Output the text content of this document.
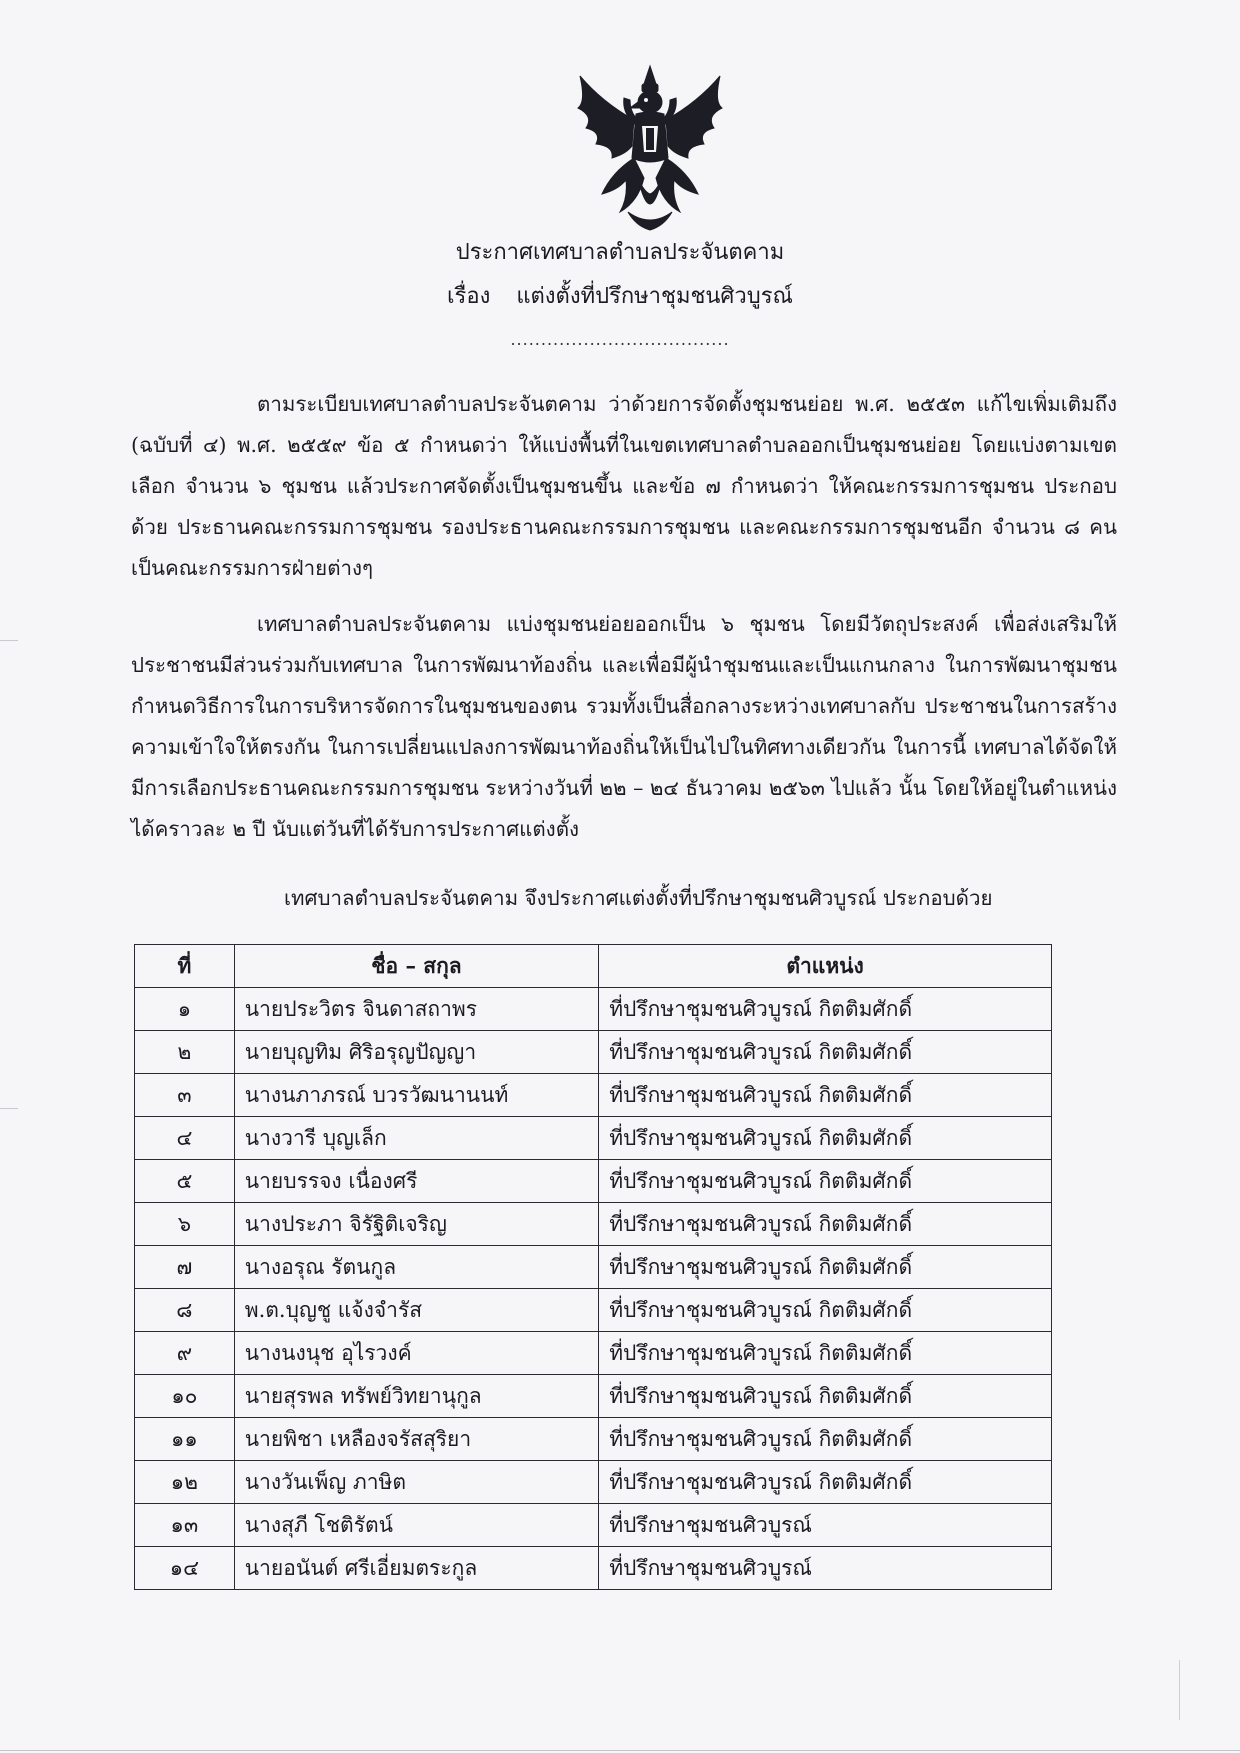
ประกาศเทศบาลตำบลประจันตคาม
เรื่อง แต่งตั้งที่ปรึกษาชุมชนศิวบูรณ์
....................................

ตามระเบียบเทศบาลตำบลประจันตคาม ว่าด้วยการจัดตั้งชุมชนย่อย พ.ศ. ๒๕๕๓ แก้ไขเพิ่มเติมถึง (ฉบับที่ ๔) พ.ศ. ๒๕๕๙ ข้อ ๕ กำหนดว่า ให้แบ่งพื้นที่ในเขตเทศบาลตำบลออกเป็นชุมชนย่อย โดยแบ่งตามเขตเลือก จำนวน ๖ ชุมชน แล้วประกาศจัดตั้งเป็นชุมชนขึ้น และข้อ ๗ กำหนดว่า ให้คณะกรรมการชุมชน ประกอบด้วย ประธานคณะกรรมการชุมชน รองประธานคณะกรรมการชุมชน และคณะกรรมการชุมชนอีก จำนวน ๘ คน เป็นคณะกรรมการฝ่ายต่างๆ

เทศบาลตำบลประจันตคาม แบ่งชุมชนย่อยออกเป็น ๖ ชุมชน โดยมีวัตถุประสงค์ เพื่อส่งเสริมให้ประชาชนมีส่วนร่วมกับเทศบาล ในการพัฒนาท้องถิ่น และเพื่อมีผู้นำชุมชนและเป็นแกนกลาง ในการพัฒนาชุมชน กำหนดวิธีการในการบริหารจัดการในชุมชนของตน รวมทั้งเป็นสื่อกลางระหว่างเทศบาลกับ ประชาชนในการสร้างความเข้าใจให้ตรงกัน ในการเปลี่ยนแปลงการพัฒนาท้องถิ่นให้เป็นไปในทิศทางเดียวกัน ในการนี้ เทศบาลได้จัดให้มีการเลือกประธานคณะกรรมการชุมชน ระหว่างวันที่ ๒๒ – ๒๔ ธันวาคม ๒๕๖๓ ไปแล้ว นั้น โดยให้อยู่ในตำแหน่งได้คราวละ ๒ ปี นับแต่วันที่ได้รับการประกาศแต่งตั้ง

เทศบาลตำบลประจันตคาม จึงประกาศแต่งตั้งที่ปรึกษาชุมชนศิวบูรณ์ ประกอบด้วย

ที่	ชื่อ – สกุล	ตำแหน่ง
๑	นายประวิตร จินดาสถาพร	ที่ปรึกษาชุมชนศิวบูรณ์ กิตติมศักดิ์
๒	นายบุญทิม ศิริอรุญปัญญา	ที่ปรึกษาชุมชนศิวบูรณ์ กิตติมศักดิ์
๓	นางนภาภรณ์ บวรวัฒนานนท์	ที่ปรึกษาชุมชนศิวบูรณ์ กิตติมศักดิ์
๔	นางวารี บุญเล็ก	ที่ปรึกษาชุมชนศิวบูรณ์ กิตติมศักดิ์
๕	นายบรรจง เนื่องศรี	ที่ปรึกษาชุมชนศิวบูรณ์ กิตติมศักดิ์
๖	นางประภา จิรัฐิติเจริญ	ที่ปรึกษาชุมชนศิวบูรณ์ กิตติมศักดิ์
๗	นางอรุณ รัตนกูล	ที่ปรึกษาชุมชนศิวบูรณ์ กิตติมศักดิ์
๘	พ.ต.บุญชู แจ้งจำรัส	ที่ปรึกษาชุมชนศิวบูรณ์ กิตติมศักดิ์
๙	นางนงนุช อุไรวงค์	ที่ปรึกษาชุมชนศิวบูรณ์ กิตติมศักดิ์
๑๐	นายสุรพล ทรัพย์วิทยานุกูล	ที่ปรึกษาชุมชนศิวบูรณ์ กิตติมศักดิ์
๑๑	นายพิชา เหลืองจรัสสุริยา	ที่ปรึกษาชุมชนศิวบูรณ์ กิตติมศักดิ์
๑๒	นางวันเพ็ญ ภาษิต	ที่ปรึกษาชุมชนศิวบูรณ์ กิตติมศักดิ์
๑๓	นางสุภี โชติรัตน์	ที่ปรึกษาชุมชนศิวบูรณ์
๑๔	นายอนันต์ ศรีเอี่ยมตระกูล	ที่ปรึกษาชุมชนศิวบูรณ์
